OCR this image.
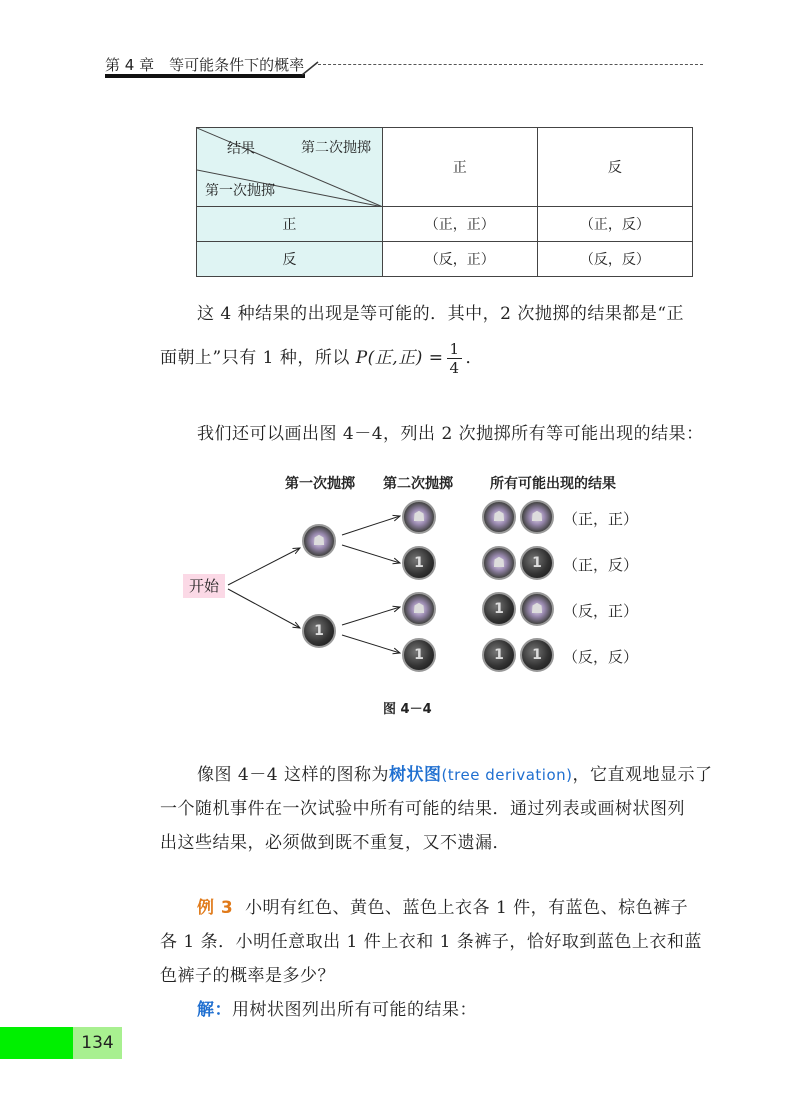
第 4 章　等可能条件下的概率
结果 第二次抛掷
第一次抛掷	正	反
正	（正，正）	（正，反）
反	（反，正）	（反，反）
这 4 种结果的出现是等可能的．其中，2 次抛掷的结果都是“正
面朝上”只有 1 种，所以 P(正,正) = $\frac{1}{4}$ ．
我们还可以画出图 4－4，列出 2 次抛掷所有等可能出现的结果：
第一次抛掷 第二次抛掷	所有可能出现的结果
开始
☗
1
☗
1
☗
1
☗	☗
☗	1
1	☗
1	1
（正，正）
（正，反）
（反，正）
（反，反）
图 4－4
像图 4－4 这样的图称为树状图(tree derivation)，它直观地显示了
一个随机事件在一次试验中所有可能的结果．通过列表或画树状图列
出这些结果，必须做到既不重复，又不遗漏．
例 3 小明有红色、黄色、蓝色上衣各 1 件，有蓝色、棕色裤子
各 1 条．小明任意取出 1 件上衣和 1 条裤子，恰好取到蓝色上衣和蓝
色裤子的概率是多少？
解：用树状图列出所有可能的结果：
134
